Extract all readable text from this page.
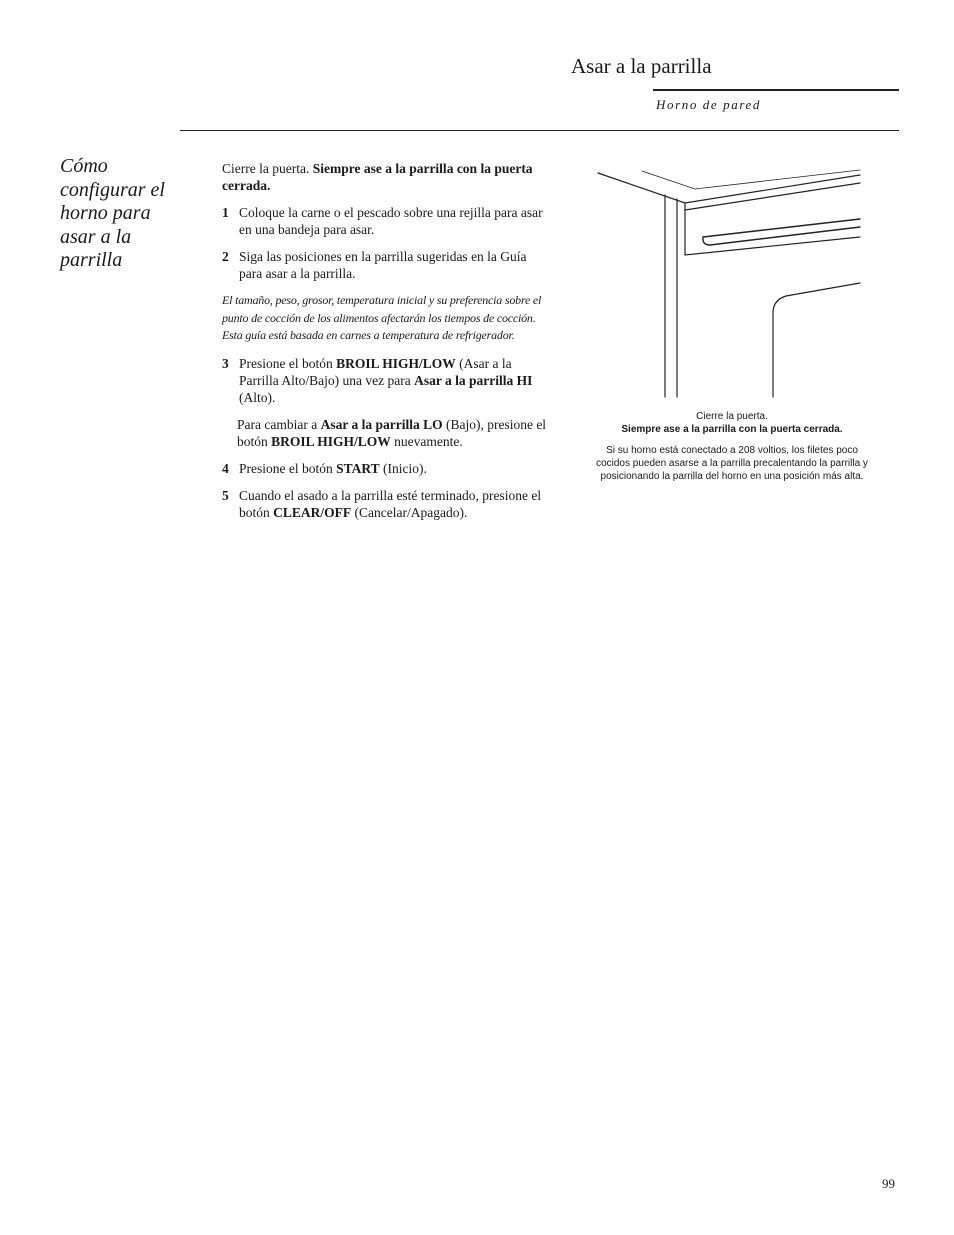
Asar a la parrilla
Horno de pared
Cómo configurar el horno para asar a la parrilla

Cierre la puerta. Siempre ase a la parrilla con la puerta cerrada.

1 Coloque la carne o el pescado sobre una rejilla para asar en una bandeja para asar.

2 Siga las posiciones en la parrilla sugeridas en la Guía para asar a la parrilla.

El tamaño, peso, grosor, temperatura inicial y su preferencia sobre el punto de cocción de los alimentos afectarán los tiempos de cocción. Esta guía está basada en carnes a temperatura de refrigerador.

3 Presione el botón BROIL HIGH/LOW (Asar a la Parrilla Alto/Bajo) una vez para Asar a la parrilla HI (Alto).

Para cambiar a Asar a la parrilla LO (Bajo), presione el botón BROIL HIGH/LOW nuevamente.

4 Presione el botón START (Inicio).

5 Cuando el asado a la parrilla esté terminado, presione el botón CLEAR/OFF (Cancelar/Apagado).

Cierre la puerta.

Siempre ase a la parrilla con la puerta cerrada.

Si su horno está conectado a 208 voltios, los filetes poco cocidos pueden asarse a la parrilla precalentando la parrilla y posicionando la parrilla del horno en una posición más alta.

99
